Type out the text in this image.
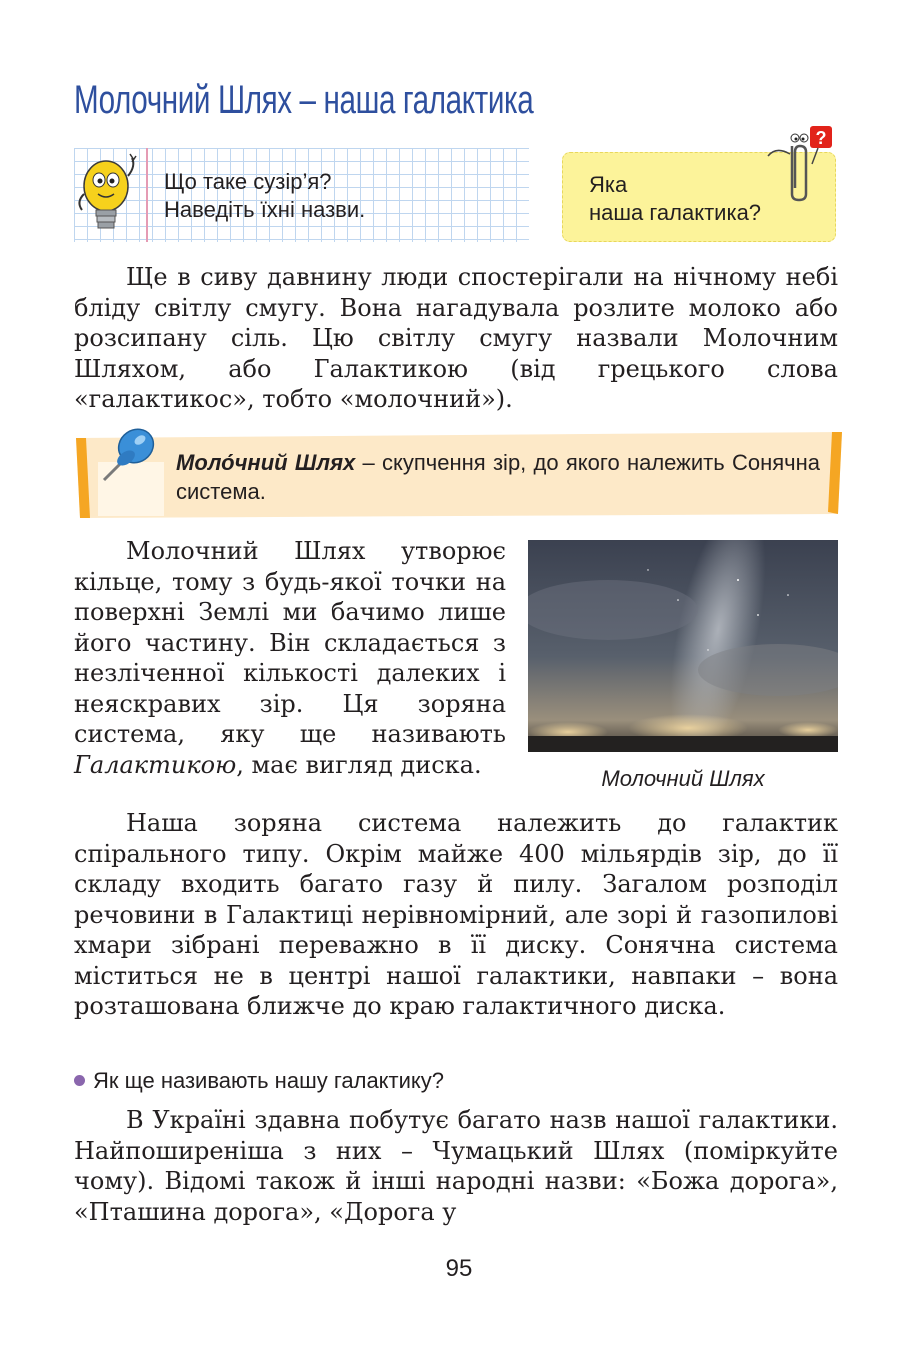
Молочний Шлях – наша галактика
Що таке сузір’я?
Наведіть їхні назви.
Яка
наша галактика?
?

Ще в сиву давнину люди спостерігали на нічному небі бліду світлу смугу. Вона нагадувала розлите молоко або розсипану сіль. Цю світлу смугу назвали Молочним Шляхом, або Галактикою (від грецького слова «галактикос», тобто «молочний»).

Моло́чний Шлях – скупчення зір, до якого належить Сонячна система.

Молочний Шлях утворює кільце, тому з будь-якої точки на поверхні Землі ми бачимо лише його частину. Він складається з незліченної кількості далеких і неяскравих зір. Ця зоряна система, яку ще називають Галактикою, має вигляд диска.	Молочний Шлях

Наша зоряна система належить до галактик спірального типу. Окрім майже 400 мільярдів зір, до її складу входить багато газу й пилу. Загалом розподіл речовини в Галактиці нерівномірний, але зорі й газопилові хмари зібрані переважно в її диску. Сонячна система міститься не в центрі нашої галактики, навпаки – вона розташована ближче до краю галактичного диска.

Як ще називають нашу галактику?

В Україні здавна побутує багато назв нашої галактики. Найпоширеніша з них – Чумацький Шлях (поміркуйте чому). Відомі також й інші народні назви: «Божа дорога», «Пташина дорога», «Дорога у

95
